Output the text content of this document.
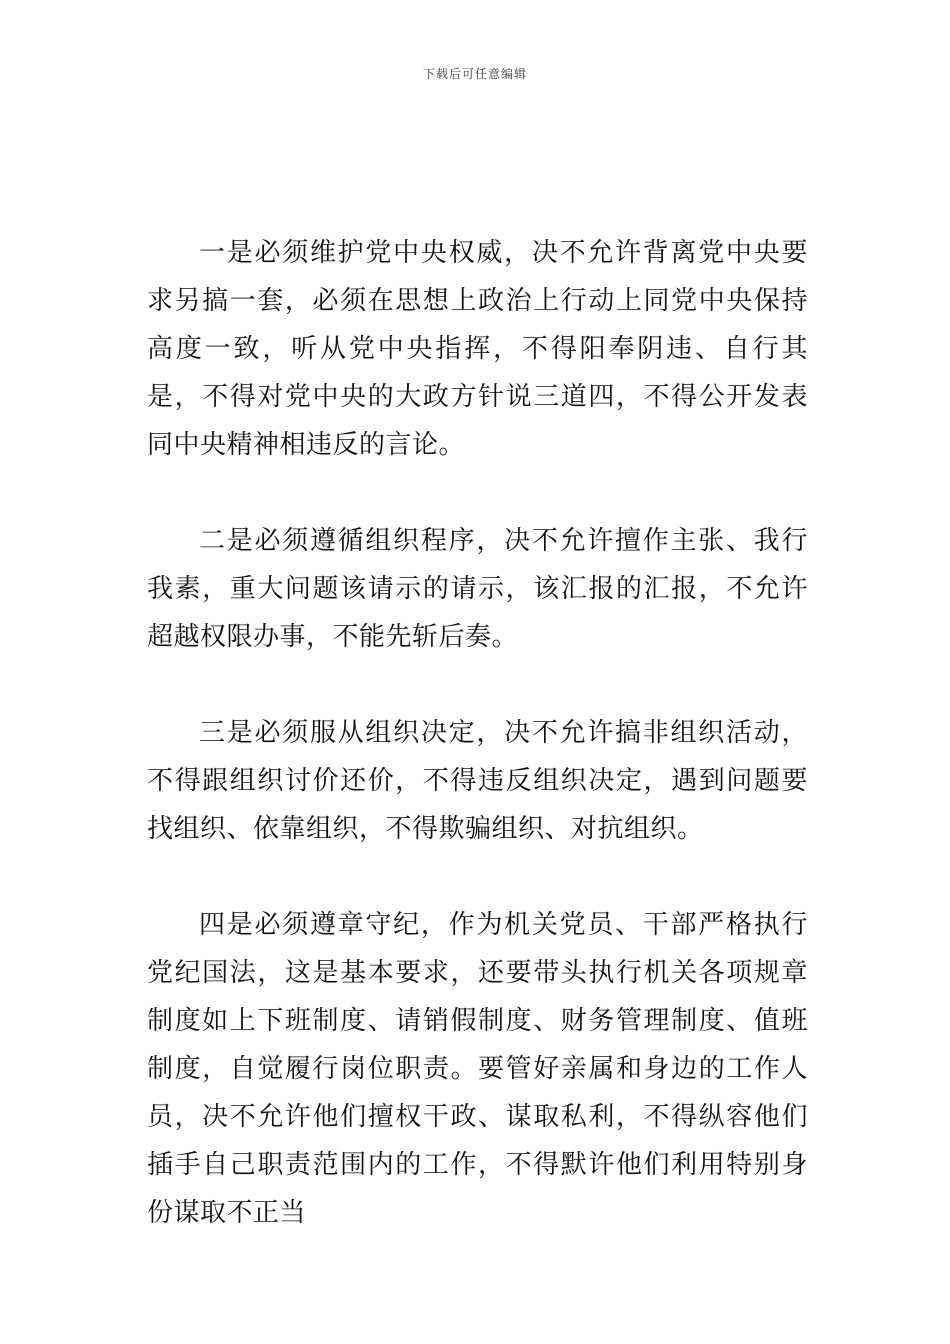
下载后可任意编辑

一是必须维护党中央权威，决不允许背离党中央要求另搞一套，必须在思想上政治上行动上同党中央保持高度一致，听从党中央指挥，不得阳奉阴违、自行其是，不得对党中央的大政方针说三道四，不得公开发表同中央精神相违反的言论。

二是必须遵循组织程序，决不允许擅作主张、我行我素，重大问题该请示的请示，该汇报的汇报，不允许超越权限办事，不能先斩后奏。

三是必须服从组织决定，决不允许搞非组织活动，不得跟组织讨价还价，不得违反组织决定，遇到问题要找组织、依靠组织，不得欺骗组织、对抗组织。

四是必须遵章守纪，作为机关党员、干部严格执行党纪国法，这是基本要求，还要带头执行机关各项规章制度如上下班制度、请销假制度、财务管理制度、值班制度，自觉履行岗位职责。要管好亲属和身边的工作人员，决不允许他们擅权干政、谋取私利，不得纵容他们插手自己职责范围内的工作，不得默许他们利用特别身份谋取不正当
